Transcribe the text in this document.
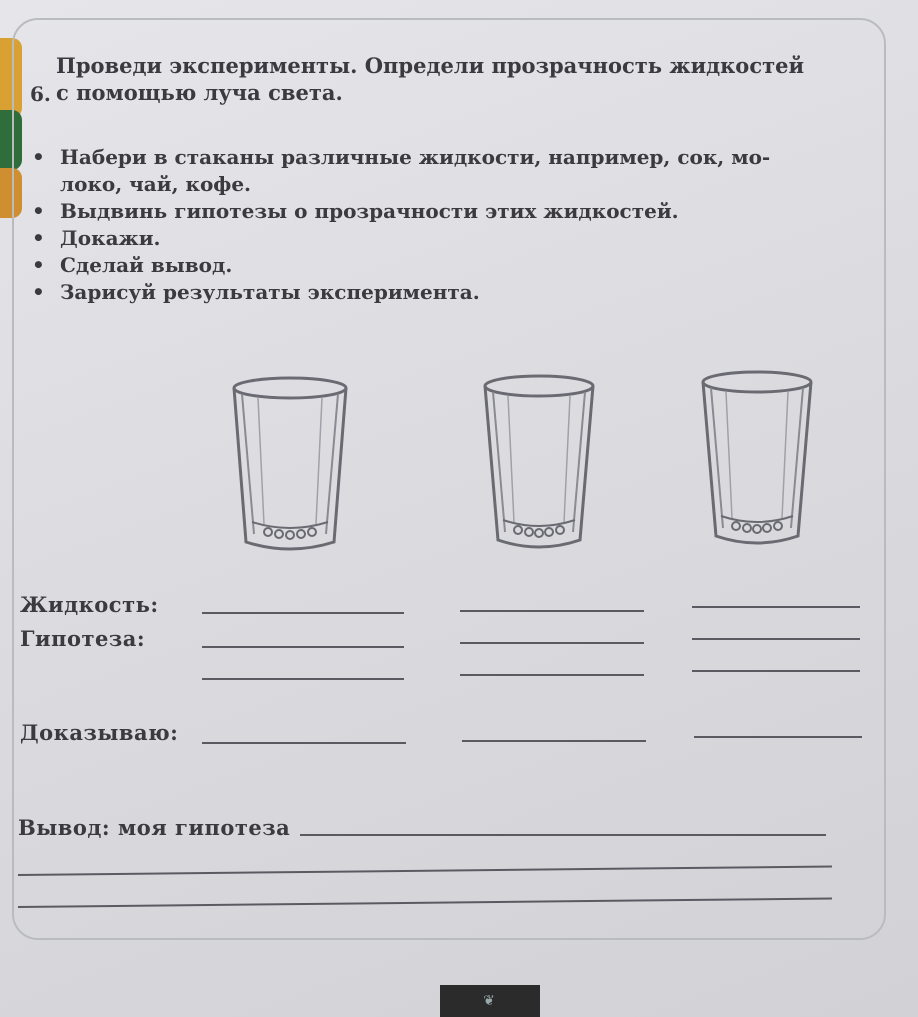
6.
Проведи эксперименты. Определи прозрачность жидкостей
с помощью луча света.
• Набери в стаканы различные жидкости, например, сок, мо-
локо, чай, кофе.
• Выдвинь гипотезы о прозрачности этих жидкостей.
• Докажи.
• Сделай вывод.
• Зарисуй результаты эксперимента.
Жидкость:
Гипотеза:
Доказываю:
Вывод: моя гипотеза
❦
